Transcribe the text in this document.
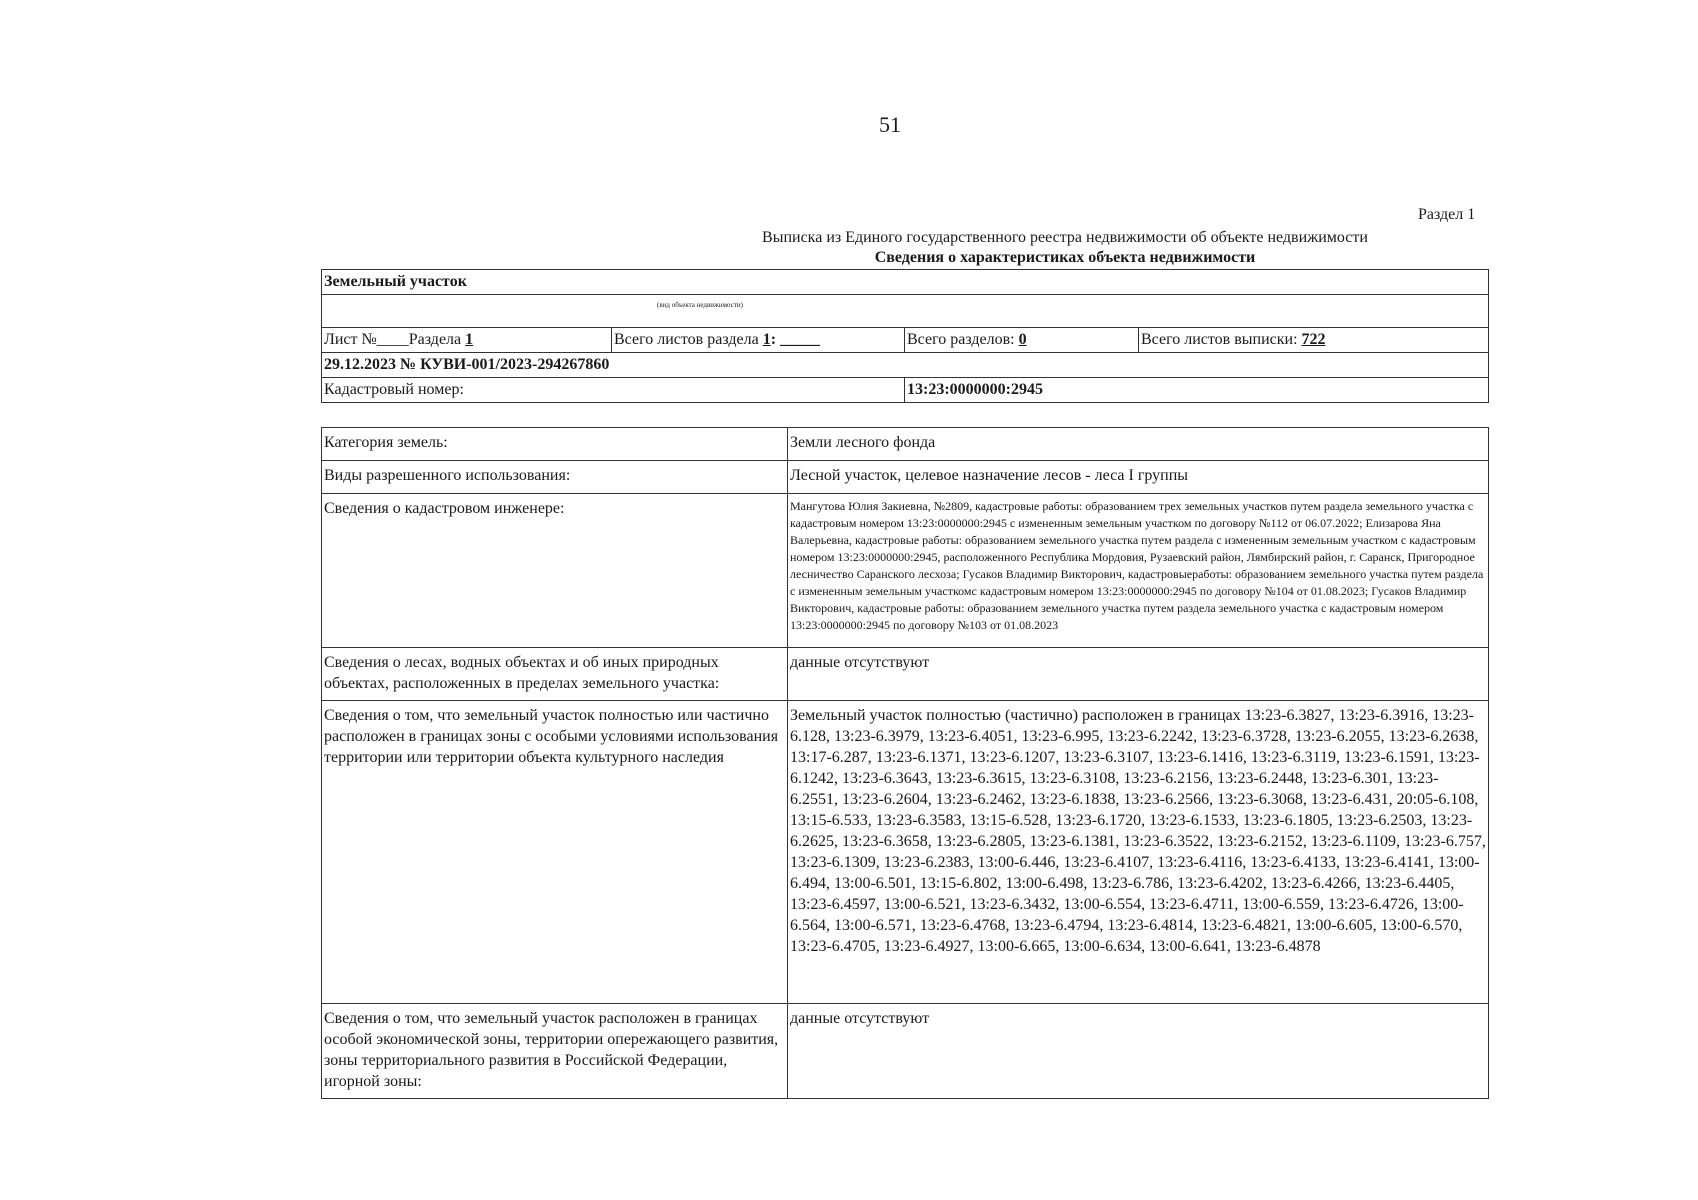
51
Раздел 1
Выписка из Единого государственного реестра недвижимости об объекте недвижимости
Сведения о характеристиках объекта недвижимости
Земельный участок			
(вид объекта недвижимости)			
Лист №____Раздела 1	Всего листов раздела 1: _____	Всего разделов: 0	Всего листов выписки: 722
29.12.2023 № КУВИ-001/2023-294267860			
Кадастровый номер:		13:23:0000000:2945	
Категория земель:	Земли лесного фонда
Виды разрешенного использования:	Лесной участок, целевое назначение лесов - леса I группы
Сведения о кадастровом инженере:	Мангутова Юлия Закиевна, №2809, кадастровые работы: образованием трех земельных участков путем раздела земельного участка с кадастровым номером 13:23:0000000:2945 с измененным земельным участком по договору №112 от 06.07.2022; Елизарова Яна Валерьевна, кадастровые работы: образованием земельного участка путем раздела с измененным земельным участком с кадастровым номером 13:23:0000000:2945, расположенного Республика Мордовия, Рузаевский район, Лямбирский район, г. Саранск, Пригородное лесничество Саранского лесхоза; Гусаков Владимир Викторович, кадастровыеработы: образованием земельного участка путем раздела с измененным земельным участкомс кадастровым номером 13:23:0000000:2945 по договору №104 от 01.08.2023; Гусаков Владимир Викторович, кадастровые работы: образованием земельного участка путем раздела земельного участка с кадастровым номером 13:23:0000000:2945 по договору №103 от 01.08.2023
Сведения о лесах, водных объектах и об иных природных объектах, расположенных в пределах земельного участка:	данные отсутствуют
Сведения о том, что земельный участок полностью или частично расположен в границах зоны с особыми условиями использования территории или территории объекта культурного наследия	Земельный участок полностью (частично) расположен в границах 13:23-6.3827, 13:23-6.3916, 13:23-6.128, 13:23-6.3979, 13:23-6.4051, 13:23-6.995, 13:23-6.2242, 13:23-6.3728, 13:23-6.2055, 13:23-6.2638, 13:17-6.287, 13:23-6.1371, 13:23-6.1207, 13:23-6.3107, 13:23-6.1416, 13:23-6.3119, 13:23-6.1591, 13:23-6.1242, 13:23-6.3643, 13:23-6.3615, 13:23-6.3108, 13:23-6.2156, 13:23-6.2448, 13:23-6.301, 13:23-6.2551, 13:23-6.2604, 13:23-6.2462, 13:23-6.1838, 13:23-6.2566, 13:23-6.3068, 13:23-6.431, 20:05-6.108, 13:15-6.533, 13:23-6.3583, 13:15-6.528, 13:23-6.1720, 13:23-6.1533, 13:23-6.1805, 13:23-6.2503, 13:23-6.2625, 13:23-6.3658, 13:23-6.2805, 13:23-6.1381, 13:23-6.3522, 13:23-6.2152, 13:23-6.1109, 13:23-6.757, 13:23-6.1309, 13:23-6.2383, 13:00-6.446, 13:23-6.4107, 13:23-6.4116, 13:23-6.4133, 13:23-6.4141, 13:00-6.494, 13:00-6.501, 13:15-6.802, 13:00-6.498, 13:23-6.786, 13:23-6.4202, 13:23-6.4266, 13:23-6.4405, 13:23-6.4597, 13:00-6.521, 13:23-6.3432, 13:00-6.554, 13:23-6.4711, 13:00-6.559, 13:23-6.4726, 13:00-6.564, 13:00-6.571, 13:23-6.4768, 13:23-6.4794, 13:23-6.4814, 13:23-6.4821, 13:00-6.605, 13:00-6.570, 13:23-6.4705, 13:23-6.4927, 13:00-6.665, 13:00-6.634, 13:00-6.641, 13:23-6.4878
Сведения о том, что земельный участок расположен в границах особой экономической зоны, территории опережающего развития, зоны территориального развития в Российской Федерации, игорной зоны:	данные отсутствуют
